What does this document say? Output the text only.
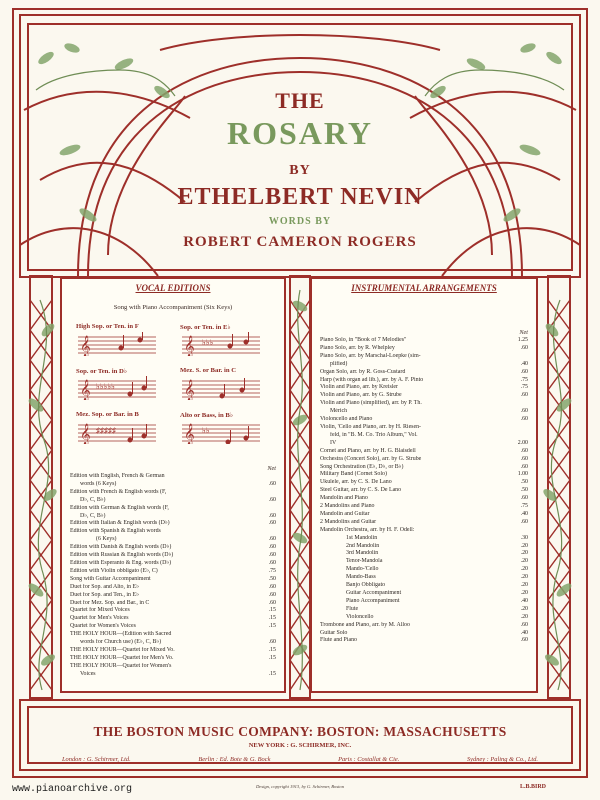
THE
ROSARY
BY
ETHELBERT NEVIN
WORDS BY
ROBERT CAMERON ROGERS
VOCAL EDITIONS
Song with Piano Accompaniment (Six Keys)
High Sop. or Ten. in F
𝄞
Sop. or Ten. in E♭
𝄞 ♭♭♭
Sop. or Ten. in D♭
𝄞 ♭♭♭♭♭
Mez. S. or Bar. in C
𝄞
Mez. Sop. or Bar. in B
𝄞 ♯♯♯♯♯
Alto or Bass, in B♭
𝄞 ♭♭
Net
Edition with English, French & German
words (6 Keys)	.60
Edition with French & English words (F,
D♭, C, B♭)	.60
Edition with German & English words (F,
D♭, C, B♭)	.60
Edition with Italian & English words (D♭)	.60
Edition with Spanish & English words
(6 Keys)	.60
Edition with Danish & English words (D♭)	.60
Edition with Russian & English words (D♭)	.60
Edition with Esperanto & Eng. words (D♭)	.60
Edition with Violin obbligato (E♭, C)	.75
Song with Guitar Accompaniment	.50
Duet for Sop. and Alto, in E♭	.60
Duet for Sop. and Ten., in E♭	.60
Duet for Mez. Sop. and Bar., in C	.60
Quartet for Mixed Voices	.15
Quartet for Men's Voices	.15
Quartet for Women's Voices	.15
THE HOLY HOUR—(Edition with Sacred
words for Church use) (E♭, C, B♭)	.60
THE HOLY HOUR—Quartet for Mixed Vo.	.15
THE HOLY HOUR—Quartet for Men's Vo.	.15
THE HOLY HOUR—Quartet for Women's
Voices	.15
INSTRUMENTAL ARRANGEMENTS
Net
Piano Solo, in "Book of 7 Melodies"	1.25
Piano Solo, arr. by R. Whelpley	.60
Piano Solo, arr. by Marschal-Loepke (sim-
plified)	.40
Organ Solo, arr. by R. Goss-Custard	.60
Harp (with organ ad lib.), arr. by A. F. Pinto	.75
Violin and Piano, arr. by Kreisler	.75
Violin and Piano, arr. by G. Strube	.60
Violin and Piano (simplified), arr. by P. Th.
Mérich	.60
Violoncello and Piano	.60
Violin, 'Cello and Piano, arr. by H. Riesen-
feld, in "B. M. Co. Trio Album," Vol.
IV	2.00
Cornet and Piano, arr. by H. G. Blaisdell	.60
Orchestra (Concert Solo), arr. by G. Strube	.60
Song Orchestration (E♭, D♭, or B♭)	.60
Military Band (Cornet Solo)	1.00
Ukulele, arr. by C. S. De Lano	.50
Steel Guitar, arr. by C. S. De Lano	.50
Mandolin and Piano	.60
2 Mandolins and Piano	.75
Mandolin and Guitar	.40
2 Mandolins and Guitar	.60
Mandolin Orchestra, arr. by H. F. Odell:
1st Mandolin	.30
2nd Mandolin	.20
3rd Mandolin	.20
Tenor-Mandola	.20
Mando-'Cello	.20
Mando-Bass	.20
Banjo Obbligato	.20
Guitar Accompaniment	.20
Piano Accompaniment	.40
Flute	.20
Violoncello	.20
Trombone and Piano, arr. by M. Alloo	.60
Guitar Solo	.40
Flute and Piano	.60
THE BOSTON MUSIC COMPANY: BOSTON: MASSACHUSETTS
NEW YORK : G. SCHIRMER, INC.
London : G. Schirmer, Ltd.	Berlin : Ed. Bote & G. Bock	Paris : Costallat & Cie.	Sydney : Paling & Co., Ltd.
www.pianoarchive.org	Design, copyright 1913, by G. Schirmer, Boston	L.B.BIRD
